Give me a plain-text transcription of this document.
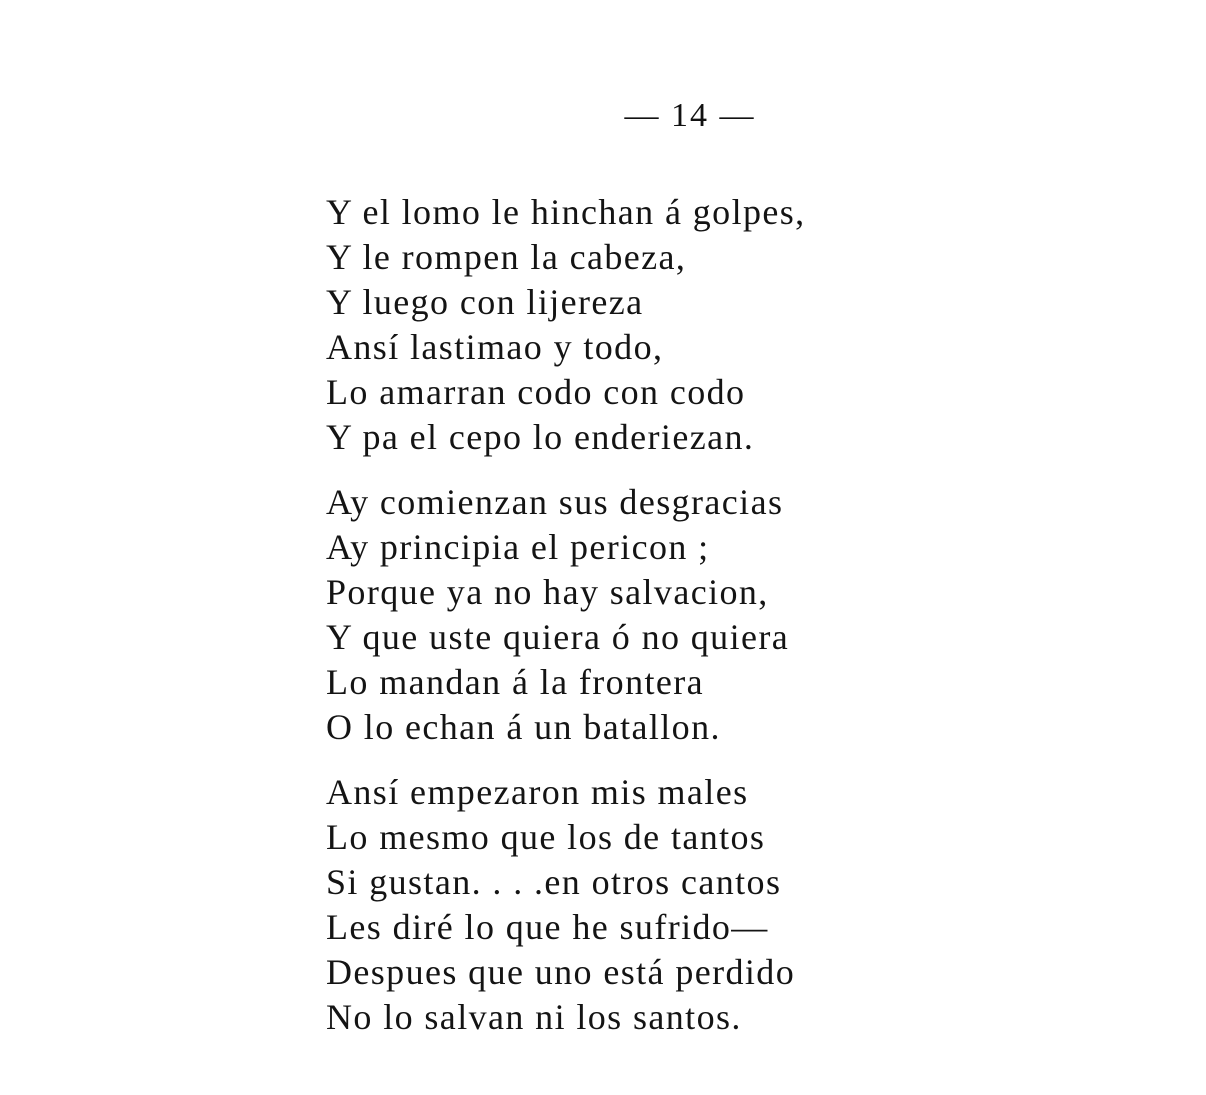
— 14 —
Y el lomo le hinchan á golpes,
Y le rompen la cabeza,
Y luego con lijereza
Ansí lastimao y todo,
Lo amarran codo con codo
Y pa el cepo lo enderiezan.
Ay comienzan sus desgracias
Ay principia el pericon ;
Porque ya no hay salvacion,
Y que uste quiera ó no quiera
Lo mandan á la frontera
O lo echan á un batallon.
Ansí empezaron mis males
Lo mesmo que los de tantos
Si gustan. . . .en otros cantos
Les diré lo que he sufrido—
Despues que uno está perdido
No lo salvan ni los santos.
